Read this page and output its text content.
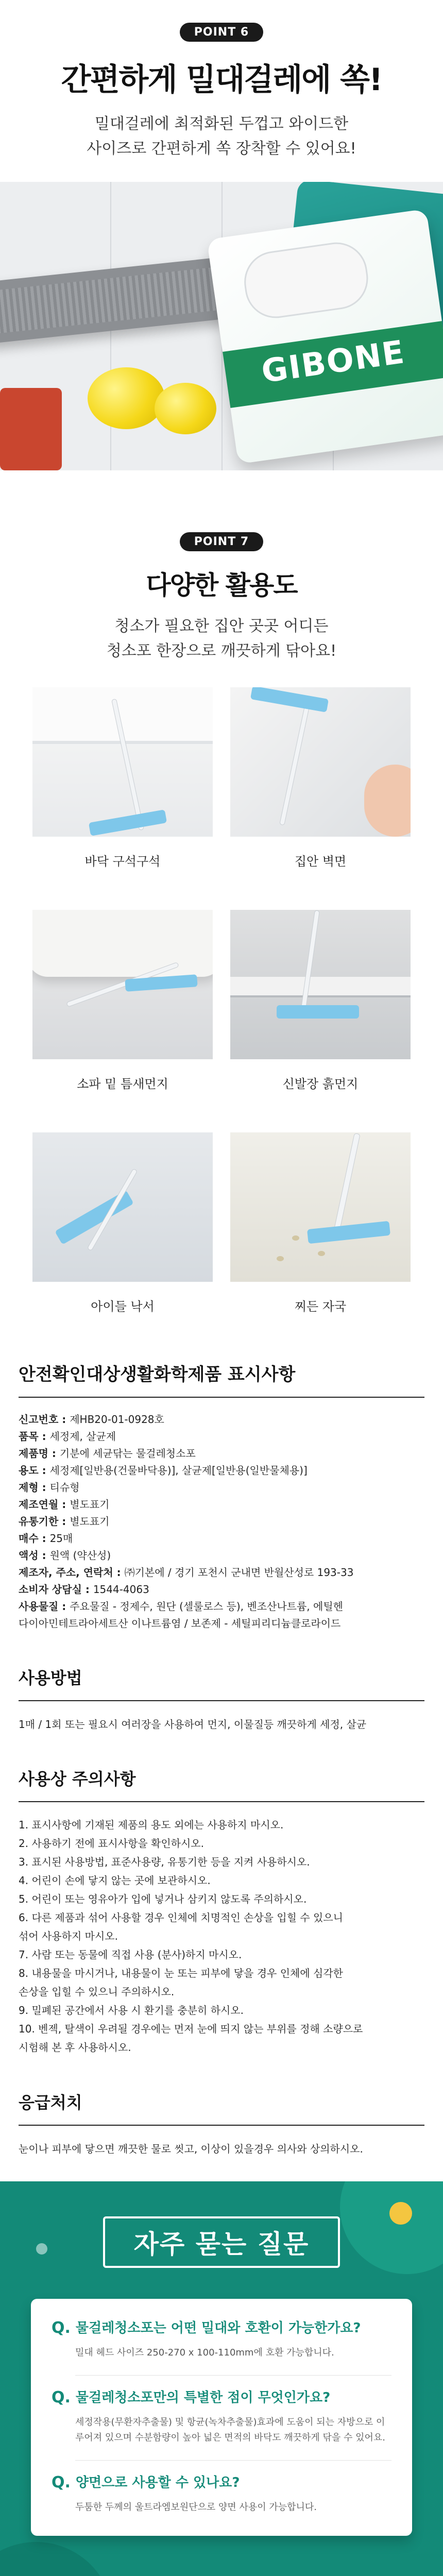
POINT 6
간편하게 밀대걸레에 쏙!
밀대걸레에 최적화된 두껍고 와이드한
사이즈로 간편하게 쏙 장착할 수 있어요!
GIBONE
POINT 7
다양한 활용도
청소가 필요한 집안 곳곳 어디든
청소포 한장으로 깨끗하게 닦아요!
바닥 구석구석	집안 벽면
소파 밑 틈새먼지	신발장 흙먼지
아이들 낙서	찌든 자국
안전확인대상생활화학제품 표시사항
신고번호 : 제HB20-01-0928호
품목 : 세정제, 살균제
제품명 : 기분에 세균닦는 물걸레청소포
용도 : 세정제[일반용(건물바닥용)], 살균제[일반용(일반물체용)]
제형 : 티슈형
제조연월 : 별도표기
유통기한 : 별도표기
매수 : 25매
액성 : 원액 (약산성)
제조자, 주소, 연락처 : ㈜기본에 / 경기 포천시 군내면 반월산성로 193-33
소비자 상담실 : 1544-4063
사용물질 : 주요물질 - 정제수, 원단 (셀룰로스 등), 벤조산나트륨, 에틸헨
다이아민테트라아세트산 이나트륨염 / 보존제 - 세틸피리디늄클로라이드
사용방법
1매 / 1회 또는 필요시 여러장을 사용하여 먼지, 이물질등 깨끗하게 세정, 살균
사용상 주의사항
1. 표시사항에 기재된 제품의 용도 외에는 사용하지 마시오.
2. 사용하기 전에 표시사항을 확인하시오.
3. 표시된 사용방법, 표준사용량, 유통기한 등을 지켜 사용하시오.
4. 어린이 손에 닿지 않는 곳에 보관하시오.
5. 어린이 또는 영유아가 입에 넣거나 삼키지 않도록 주의하시오.
6. 다른 제품과 섞어 사용할 경우 인체에 치명적인 손상을 입힐 수 있으니
섞어 사용하지 마시오.
7. 사람 또는 동물에 직접 사용 (분사)하지 마시오.
8. 내용물을 마시거나, 내용물이 눈 또는 피부에 닿을 경우 인체에 심각한
손상을 입힐 수 있으니 주의하시오.
9. 밀폐된 공간에서 사용 시 환기를 충분히 하시오.
10. 벤젝, 탈색이 우려될 경우에는 먼저 눈에 띄지 않는 부위를 정해 소량으로
시험해 본 후 사용하시오.
응급처치
눈이나 피부에 닿으면 깨끗한 물로 씻고, 이상이 있을경우 의사와 상의하시오.
자주 묻는 질문
Q. 물걸레청소포는 어떤 밀대와 호환이 가능한가요?
밀대 헤드 사이즈 250-270 x 100-110mm에 호환 가능합니다.
Q. 물걸레청소포만의 특별한 점이 무엇인가요?
세정작용(무환자추출물) 및 항균(녹차추출물)효과에 도움이 되는 자방으로 이루어져 있으며 수분함량이 높아 넓은 면적의 바닥도 깨끗하게 닦을 수 있어요.
Q. 양면으로 사용할 수 있나요?
두툼한 두께의 울트라엠보원단으로 양면 사용이 가능합니다.
